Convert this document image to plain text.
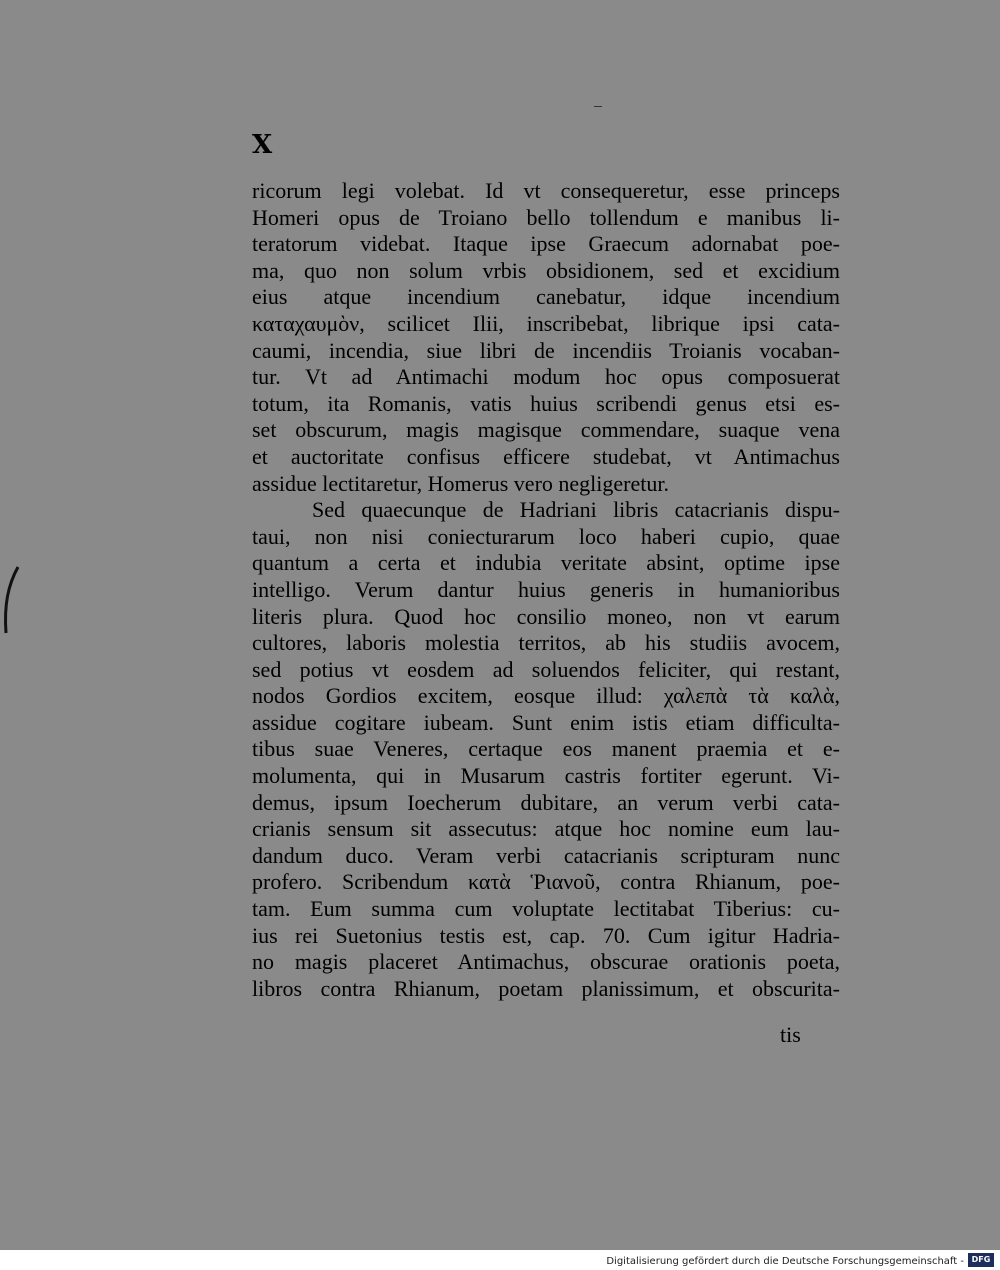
X
ricorum legi volebat. Id vt consequeretur, esse princeps
Homeri opus de Troiano bello tollendum e manibus li-
teratorum videbat. Itaque ipse Graecum adornabat poe-
ma, quo non solum vrbis obsidionem, sed et excidium
eius atque incendium canebatur, idque incendium
καταχαυμὸν, scilicet Ilii, inscribebat, librique ipsi cata-
caumi, incendia, siue libri de incendiis Troianis vocaban-
tur. Vt ad Antimachi modum hoc opus composuerat
totum, ita Romanis, vatis huius scribendi genus etsi es-
set obscurum, magis magisque commendare, suaque vena
et auctoritate confisus efficere studebat, vt Antimachus
assidue lectitaretur, Homerus vero negligeretur.
Sed quaecunque de Hadriani libris catacrianis dispu-
taui, non nisi coniecturarum loco haberi cupio, quae
quantum a certa et indubia veritate absint, optime ipse
intelligo. Verum dantur huius generis in humanioribus
literis plura. Quod hoc consilio moneo, non vt earum
cultores, laboris molestia territos, ab his studiis avocem,
sed potius vt eosdem ad soluendos feliciter, qui restant,
nodos Gordios excitem, eosque illud: χαλεπὰ τὰ καλὰ,
assidue cogitare iubeam. Sunt enim istis etiam difficulta-
tibus suae Veneres, certaque eos manent praemia et e-
molumenta, qui in Musarum castris fortiter egerunt. Vi-
demus, ipsum Ioecherum dubitare, an verum verbi cata-
crianis sensum sit assecutus: atque hoc nomine eum lau-
dandum duco. Veram verbi catacrianis scripturam nunc
profero. Scribendum κατὰ Ῥιανοῦ, contra Rhianum, poe-
tam. Eum summa cum voluptate lectitabat Tiberius: cu-
ius rei Suetonius testis est, cap. 70. Cum igitur Hadria-
no magis placeret Antimachus, obscurae orationis poeta,
libros contra Rhianum, poetam planissimum, et obscurita-
tis
Digitalisierung gefördert durch die Deutsche Forschungsgemeinschaft - DFG
